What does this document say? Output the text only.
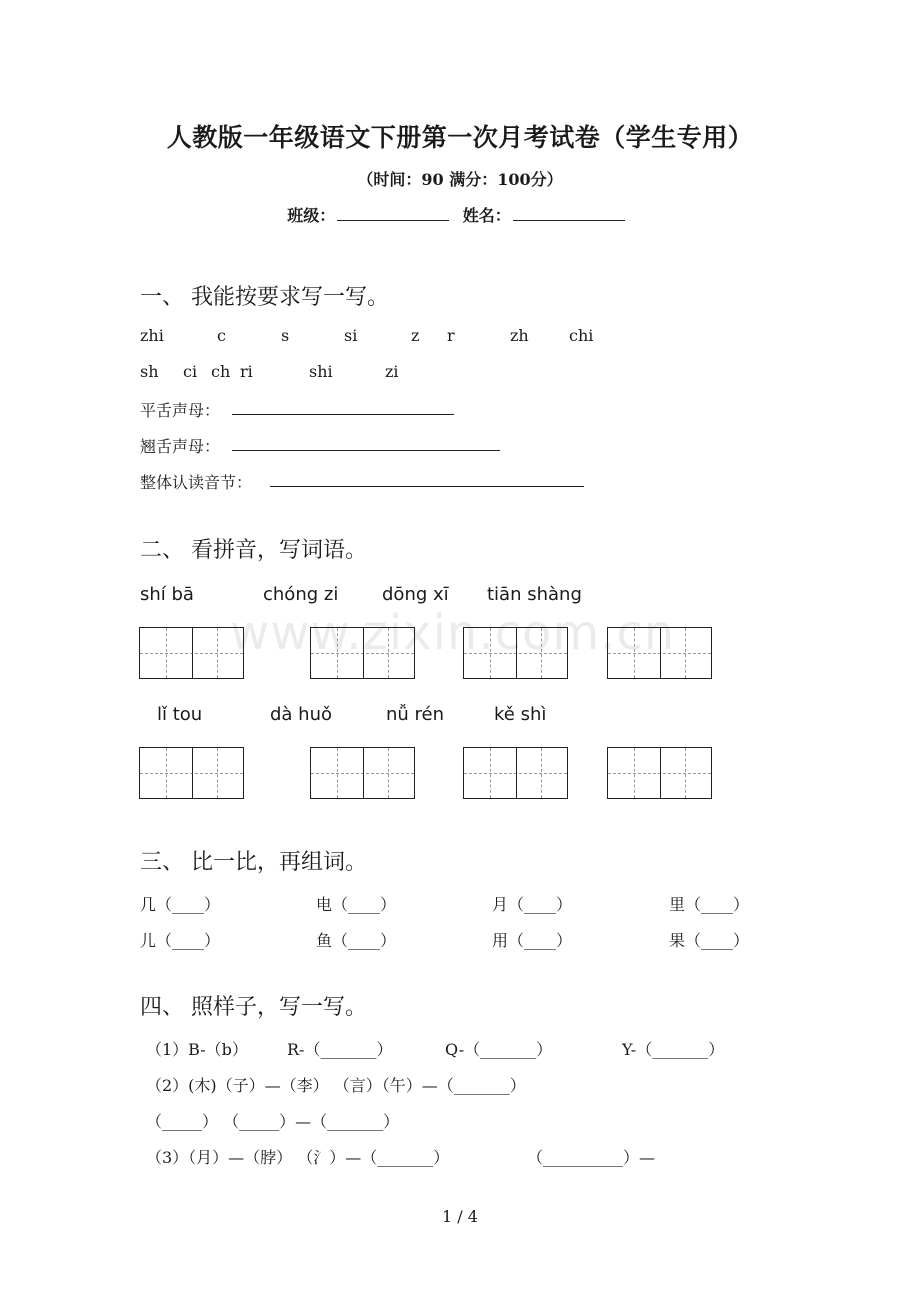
人教版一年级语文下册第一次月考试卷（学生专用）
（时间：90 满分：100分）
班级：	姓名：
一、 我能按要求写一写。
zhi	c	s	si	z r	zh	chi
sh ci ch ri	shi	zi
平舌声母：
翘舌声母：
整体认读音节：
二、 看拼音，写词语。
shí bā	chóng zi dōng xī tiān shàng
www.zixin.com.cn
lǐ tou	dà huǒ	nǚ rén	kě shì
三、 比一比，再组词。
几（____）	电（____）	月（____）	里（____）
儿（____）	鱼（____）	用（____）	果（____）
四、 照样子，写一写。
（1）B-（b） R-（_______）	Q-（_______）	Y-（_______）
（2）(木)（子）—（李） （言）（午）—（_______）
（_____） （_____）—（_______）
（3）（月）—（脖） （氵）—（_______）	（__________）—
1 / 4
